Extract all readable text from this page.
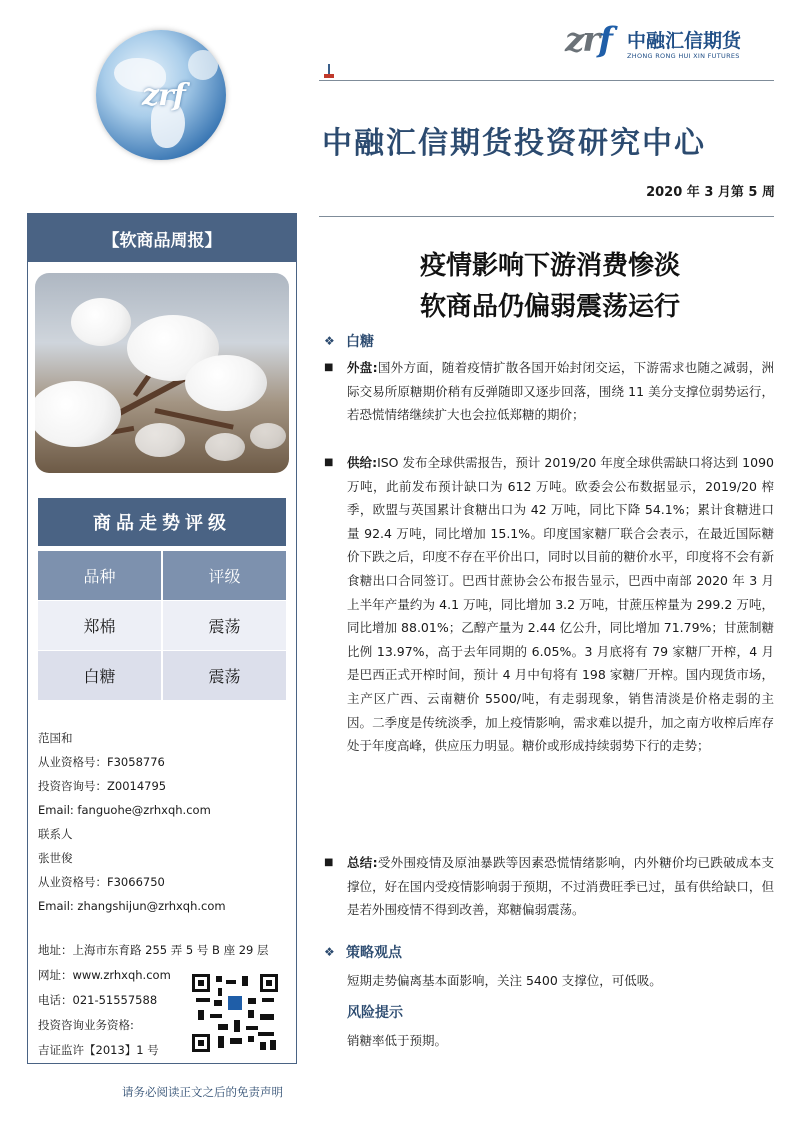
zrf
zrf 中融汇信期货
ZHONG RONG HUI XIN FUTURES
中融汇信期货投资研究中心
2020 年 3 月第 5 周
【软商品周报】
商品走势评级
品种	评级
郑棉	震荡
白糖	震荡
范国和
从业资格号：F3058776
投资咨询号：Z0014795
Email: fanguohe@zrhxqh.com
联系人
张世俊
从业资格号：F3066750
Email: zhangshijun@zrhxqh.com
地址：上海市东育路 255 弄 5 号 B 座 29 层
网址：www.zrhxqh.com
电话：021-51557588
投资咨询业务资格:
吉证监许【2013】1 号
请务必阅读正文之后的免责声明
疫情影响下游消费惨淡
软商品仍偏弱震荡运行
❖ 白糖
■ 外盘:国外方面，随着疫情扩散各国开始封闭交运，下游需求也随之减弱，洲际交易所原糖期价稍有反弹随即又逐步回落，围绕 11 美分支撑位弱势运行，若恐慌情绪继续扩大也会拉低郑糖的期价；
■ 供给:ISO 发布全球供需报告，预计 2019/20 年度全球供需缺口将达到 1090 万吨，此前发布预计缺口为 612 万吨。欧委会公布数据显示，2019/20 榨季，欧盟与英国累计食糖出口为 42 万吨，同比下降 54.1%；累计食糖进口量 92.4 万吨，同比增加 15.1%。印度国家糖厂联合会表示，在最近国际糖价下跌之后，印度不存在平价出口，同时以目前的糖价水平，印度将不会有新食糖出口合同签订。巴西甘蔗协会公布报告显示，巴西中南部 2020 年 3 月上半年产量约为 4.1 万吨，同比增加 3.2 万吨，甘蔗压榨量为 299.2 万吨，同比增加 88.01%；乙醇产量为 2.44 亿公升，同比增加 71.79%；甘蔗制糖比例 13.97%，高于去年同期的 6.05%。3 月底将有 79 家糖厂开榨，4 月是巴西正式开榨时间，预计 4 月中旬将有 198 家糖厂开榨。国内现货市场，主产区广西、云南糖价 5500/吨，有走弱现象，销售清淡是价格走弱的主因。二季度是传统淡季，加上疫情影响，需求难以提升，加之南方收榨后库存处于年度高峰，供应压力明显。糖价或形成持续弱势下行的走势；
■ 总结:受外围疫情及原油暴跌等因素恐慌情绪影响，内外糖价均已跌破成本支撑位，好在国内受疫情影响弱于预期，不过消费旺季已过，虽有供给缺口，但是若外围疫情不得到改善，郑糖偏弱震荡。
❖ 策略观点
短期走势偏离基本面影响，关注 5400 支撑位，可低吸。
风险提示
销糖率低于预期。
